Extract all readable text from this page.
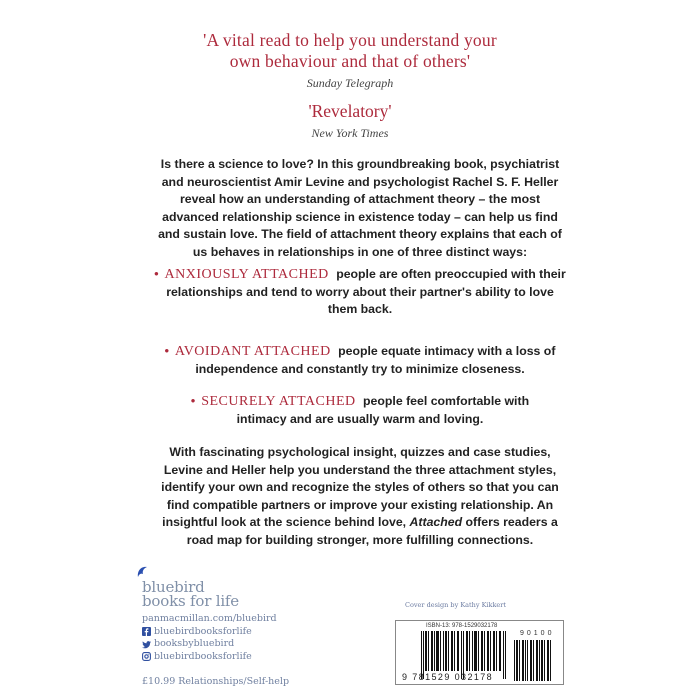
'A vital read to help you understand your
own behaviour and that of others'
Sunday Telegraph
'Revelatory'
New York Times
Is there a science to love? In this groundbreaking book, psychiatrist and neuroscientist Amir Levine and psychologist Rachel S. F. Heller reveal how an understanding of attachment theory – the most advanced relationship science in existence today – can help us find and sustain love. The field of attachment theory explains that each of us behaves in relationships in one of three distinct ways:
• ANXIOUSLY ATTACHED people are often preoccupied with their relationships and tend to worry about their partner's ability to love them back.
• AVOIDANT ATTACHED people equate intimacy with a loss of independence and constantly try to minimize closeness.
• SECURELY ATTACHED people feel comfortable with intimacy and are usually warm and loving.
With fascinating psychological insight, quizzes and case studies, Levine and Heller help you understand the three attachment styles, identify your own and recognize the styles of others so that you can find compatible partners or improve your existing relationship. An insightful look at the science behind love, Attached offers readers a road map for building stronger, more fulfilling connections.
bluebird
books for life
panmacmillan.com/bluebird
bluebirdbooksforlife
booksbybluebird
bluebirdbooksforlife
£10.99 Relationships/Self-help
Cover design by Kathy Kikkert
ISBN-13: 978-1529032178
90100
9 781529 032178
